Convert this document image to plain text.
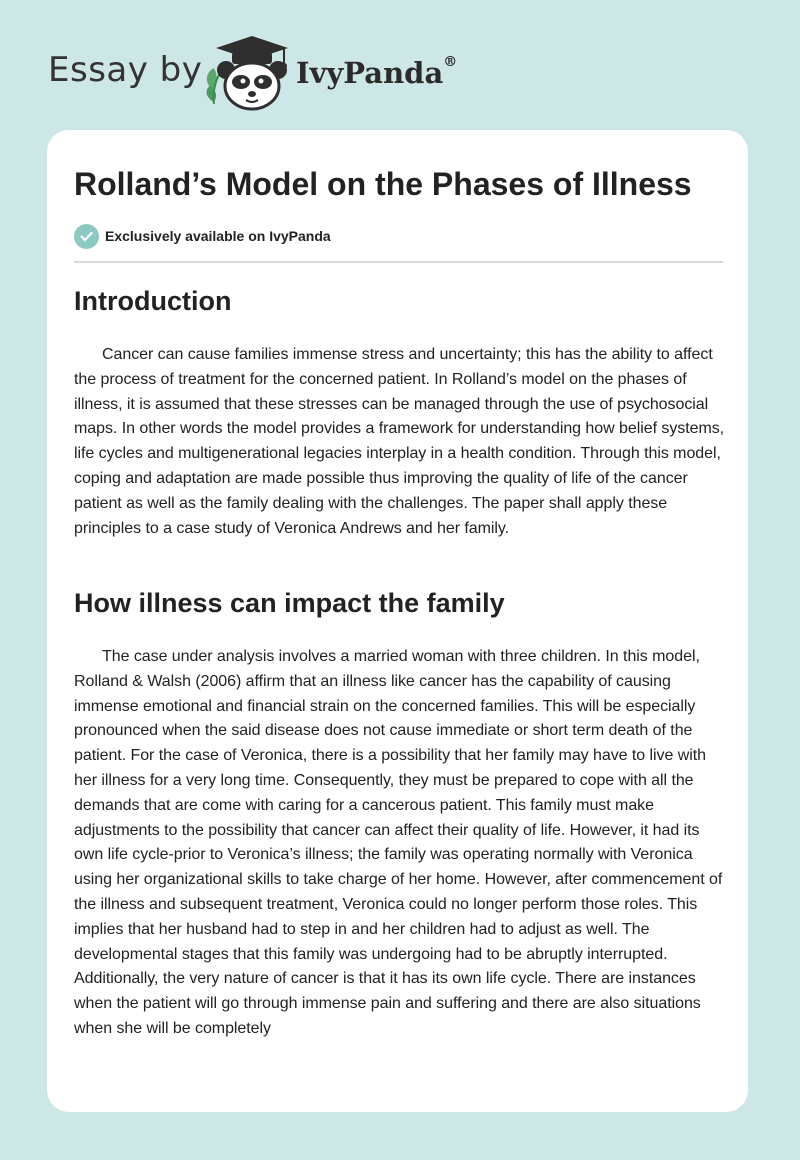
Essay by	IvyPanda®
Rolland’s Model on the Phases of Illness
Exclusively available on IvyPanda
Introduction

Cancer can cause families immense stress and uncertainty; this has the ability to affect the process of treatment for the concerned patient. In Rolland’s model on the phases of illness, it is assumed that these stresses can be managed through the use of psychosocial maps. In other words the model provides a framework for understanding how belief systems, life cycles and multigenerational legacies interplay in a health condition. Through this model, coping and adaptation are made possible thus improving the quality of life of the cancer patient as well as the family dealing with the challenges. The paper shall apply these principles to a case study of Veronica Andrews and her family.

How illness can impact the family

The case under analysis involves a married woman with three children. In this model, Rolland & Walsh (2006) affirm that an illness like cancer has the capability of causing immense emotional and financial strain on the concerned families. This will be especially pronounced when the said disease does not cause immediate or short term death of the patient. For the case of Veronica, there is a possibility that her family may have to live with her illness for a very long time. Consequently, they must be prepared to cope with all the demands that are come with caring for a cancerous patient. This family must make adjustments to the possibility that cancer can affect their quality of life. However, it had its own life cycle-prior to Veronica’s illness; the family was operating normally with Veronica using her organizational skills to take charge of her home. However, after commencement of the illness and subsequent treatment, Veronica could no longer perform those roles. This implies that her husband had to step in and her children had to adjust as well. The developmental stages that this family was undergoing had to be abruptly interrupted. Additionally, the very nature of cancer is that it has its own life cycle. There are instances when the patient will go through immense pain and suffering and there are also situations when she will be completely
